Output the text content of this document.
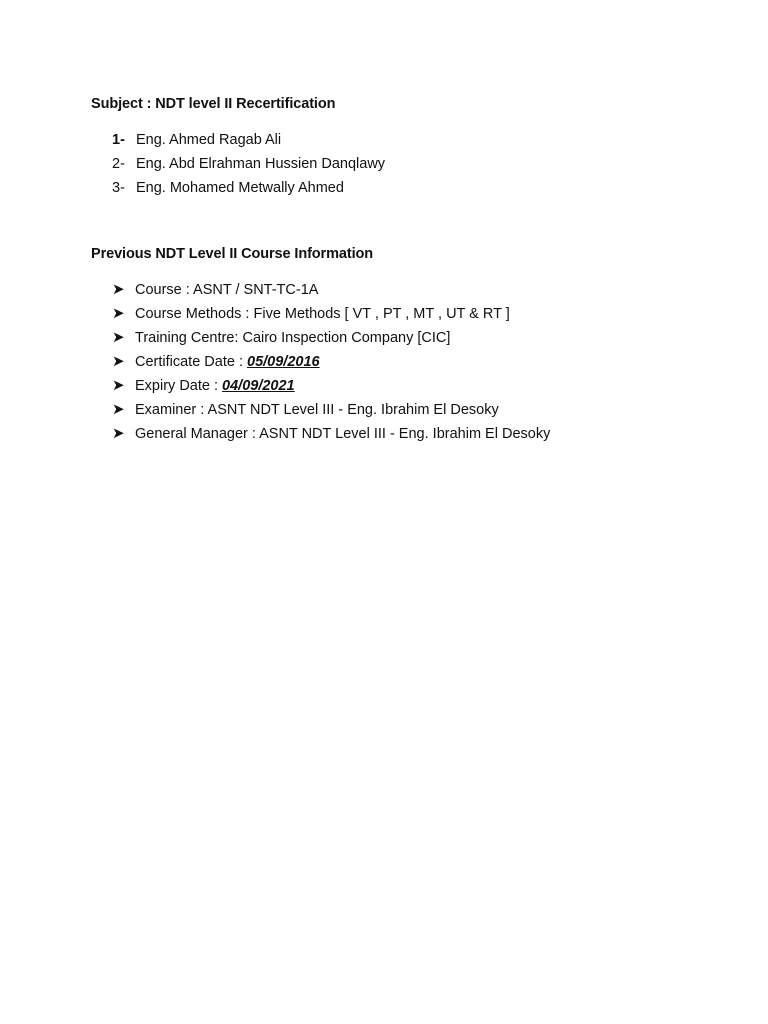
Subject : NDT level II Recertification
1- Eng. Ahmed Ragab Ali
2- Eng. Abd Elrahman Hussien Danqlawy
3- Eng. Mohamed Metwally Ahmed
Previous NDT Level II Course Information
➤ Course : ASNT / SNT-TC-1A
➤ Course Methods : Five Methods [ VT , PT , MT , UT & RT ]
➤ Training Centre: Cairo Inspection Company [CIC]
➤ Certificate Date : 05/09/2016
➤ Expiry Date : 04/09/2021
➤ Examiner : ASNT NDT Level III - Eng. Ibrahim El Desoky
➤ General Manager : ASNT NDT Level III - Eng. Ibrahim El Desoky
